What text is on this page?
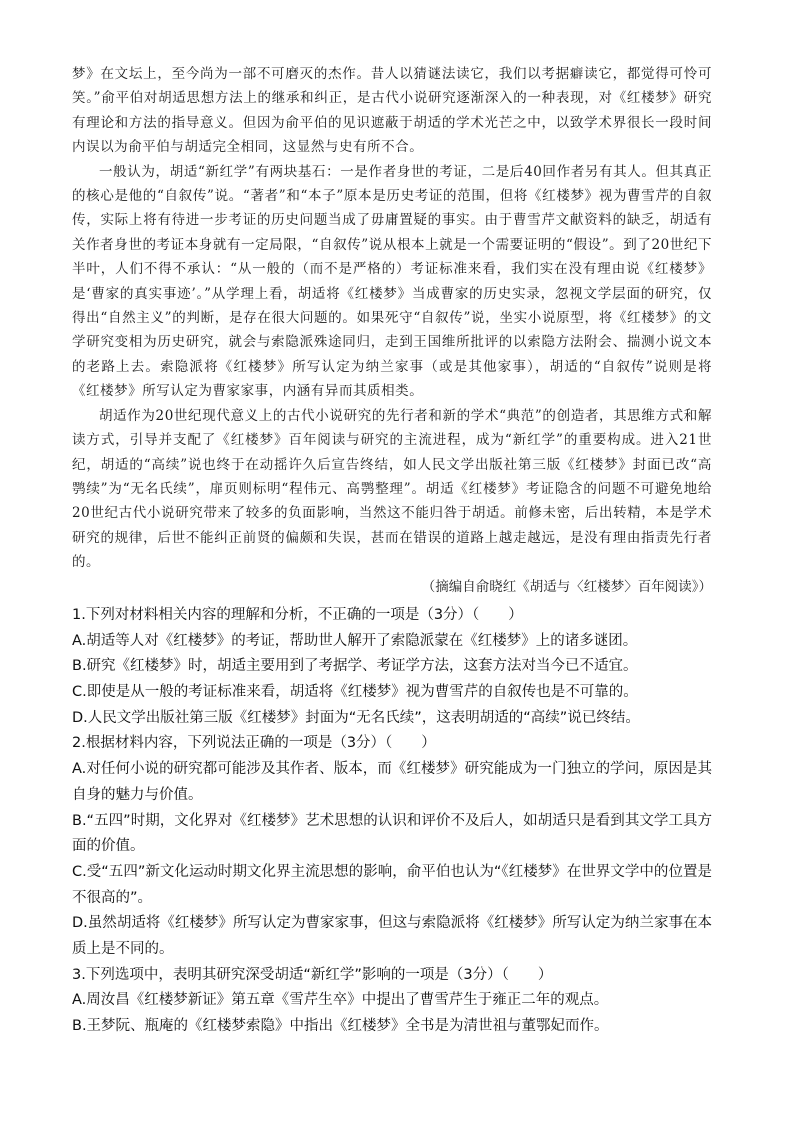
梦》在文坛上，至今尚为一部不可磨灭的杰作。昔人以猜谜法读它，我们以考据癖读它，都觉得可怜可笑。”俞平伯对胡适思想方法上的继承和纠正，是古代小说研究逐渐深入的一种表现，对《红楼梦》研究有理论和方法的指导意义。但因为俞平伯的见识遮蔽于胡适的学术光芒之中，以致学术界很长一段时间内误以为俞平伯与胡适完全相同，这显然与史有所不合。

一般认为，胡适“新红学”有两块基石：一是作者身世的考证，二是后40回作者另有其人。但其真正的核心是他的“自叙传”说。“著者”和“本子”原本是历史考证的范围，但将《红楼梦》视为曹雪芹的自叙传，实际上将有待进一步考证的历史问题当成了毋庸置疑的事实。由于曹雪芹文献资料的缺乏，胡适有关作者身世的考证本身就有一定局限，“自叙传”说从根本上就是一个需要证明的“假设”。到了20世纪下半叶，人们不得不承认：“从一般的（而不是严格的）考证标准来看，我们实在没有理由说《红楼梦》是‘曹家的真实事迹’。”从学理上看，胡适将《红楼梦》当成曹家的历史实录，忽视文学层面的研究，仅得出“自然主义”的判断，是存在很大问题的。如果死守“自叙传”说，坐实小说原型，将《红楼梦》的文学研究变相为历史研究，就会与索隐派殊途同归，走到王国维所批评的以索隐方法附会、揣测小说文本的老路上去。索隐派将《红楼梦》所写认定为纳兰家事（或是其他家事），胡适的“自叙传”说则是将《红楼梦》所写认定为曹家家事，内涵有异而其质相类。

胡适作为20世纪现代意义上的古代小说研究的先行者和新的学术“典范”的创造者，其思维方式和解读方式，引导并支配了《红楼梦》百年阅读与研究的主流进程，成为“新红学”的重要构成。进入21世纪，胡适的“高续”说也终于在动摇许久后宣告终结，如人民文学出版社第三版《红楼梦》封面已改“高鹗续”为“无名氏续”，扉页则标明“程伟元、高鹗整理”。胡适《红楼梦》考证隐含的问题不可避免地给20世纪古代小说研究带来了较多的负面影响，当然这不能归咎于胡适。前修未密，后出转精，本是学术研究的规律，后世不能纠正前贤的偏颇和失误，甚而在错误的道路上越走越远，是没有理由指责先行者的。

（摘编自俞晓红《胡适与〈红楼梦〉百年阅读》）

1.下列对材料相关内容的理解和分析，不正确的一项是（3分）（　　）

A.胡适等人对《红楼梦》的考证，帮助世人解开了索隐派蒙在《红楼梦》上的诸多谜团。

B.研究《红楼梦》时，胡适主要用到了考据学、考证学方法，这套方法对当今已不适宜。

C.即使是从一般的考证标准来看，胡适将《红楼梦》视为曹雪芹的自叙传也是不可靠的。

D.人民文学出版社第三版《红楼梦》封面为“无名氏续”，这表明胡适的“高续”说已终结。

2.根据材料内容，下列说法正确的一项是（3分）（　　）

A.对任何小说的研究都可能涉及其作者、版本，而《红楼梦》研究能成为一门独立的学问，原因是其自身的魅力与价值。

B.“五四”时期，文化界对《红楼梦》艺术思想的认识和评价不及后人，如胡适只是看到其文学工具方面的价值。

C.受“五四”新文化运动时期文化界主流思想的影响，俞平伯也认为“《红楼梦》在世界文学中的位置是不很高的”。

D.虽然胡适将《红楼梦》所写认定为曹家家事，但这与索隐派将《红楼梦》所写认定为纳兰家事在本质上是不同的。

3.下列选项中，表明其研究深受胡适“新红学”影响的一项是（3分）（　　）

A.周汝昌《红楼梦新证》第五章《雪芹生卒》中提出了曹雪芹生于雍正二年的观点。

B.王梦阮、瓶庵的《红楼梦索隐》中指出《红楼梦》全书是为清世祖与董鄂妃而作。
